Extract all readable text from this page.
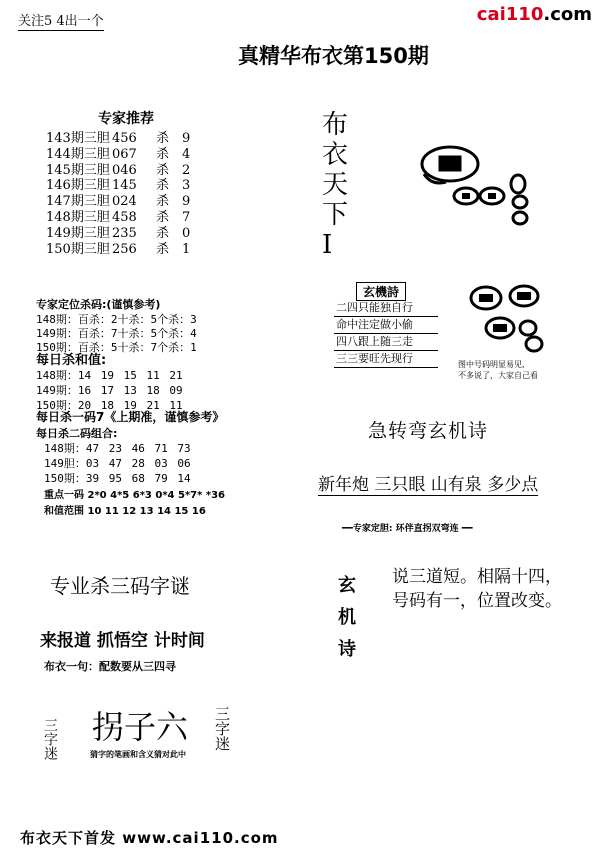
关注5 4出一个	cai110.com
真精华布衣第150期
专家推荐
143期三胆 456 杀 9
144期三胆 067 杀 4
145期三胆 046 杀 2
146期三胆 145 杀 3
147期三胆 024 杀 9
148期三胆 458 杀 7
149期三胆 235 杀 0
150期三胆 256 杀 1
专家定位杀码:(谨慎参考)
148期：百杀：2十杀：5个杀：3
149期：百杀：7十杀：5个杀：4
150期：百杀：5十杀：7个杀：1
每日杀和值:
148期：14 19 15 11 21
149期：16 17 13 18 09
150期：20 18 19 21 11
每日杀一码7《上期准，谨慎参考》
每日杀二码组合:
148期：47 23 46 71 73
149胆：03 47 28 03 06
150期：39 95 68 79 14
重点一码 2*0 4*5 6*3 0*4 5*7* *36
和值范围 10 11 12 13 14 15 16
专业杀三码字谜
来报道 抓悟空 计时间
布衣一句：配数要从三四寻
三字迷 拐子六
猜字的笔画和含义猜对此中
三字迷
布
衣
天
下
I
玄機詩
二四只能独自行
命中注定做小偷
四八跟上随三走
三三要旺先现行	图中号码明显易见,
不多说了，大家自己看
急转弯玄机诗
新年炮 三只眼 山有泉 多少点
━━专家定胆: 环伴直拐双弯连 ━━
玄
机
诗
说三道短。相隔十四，
号码有一，位置改变。
布衣天下首发 www.cai110.com
